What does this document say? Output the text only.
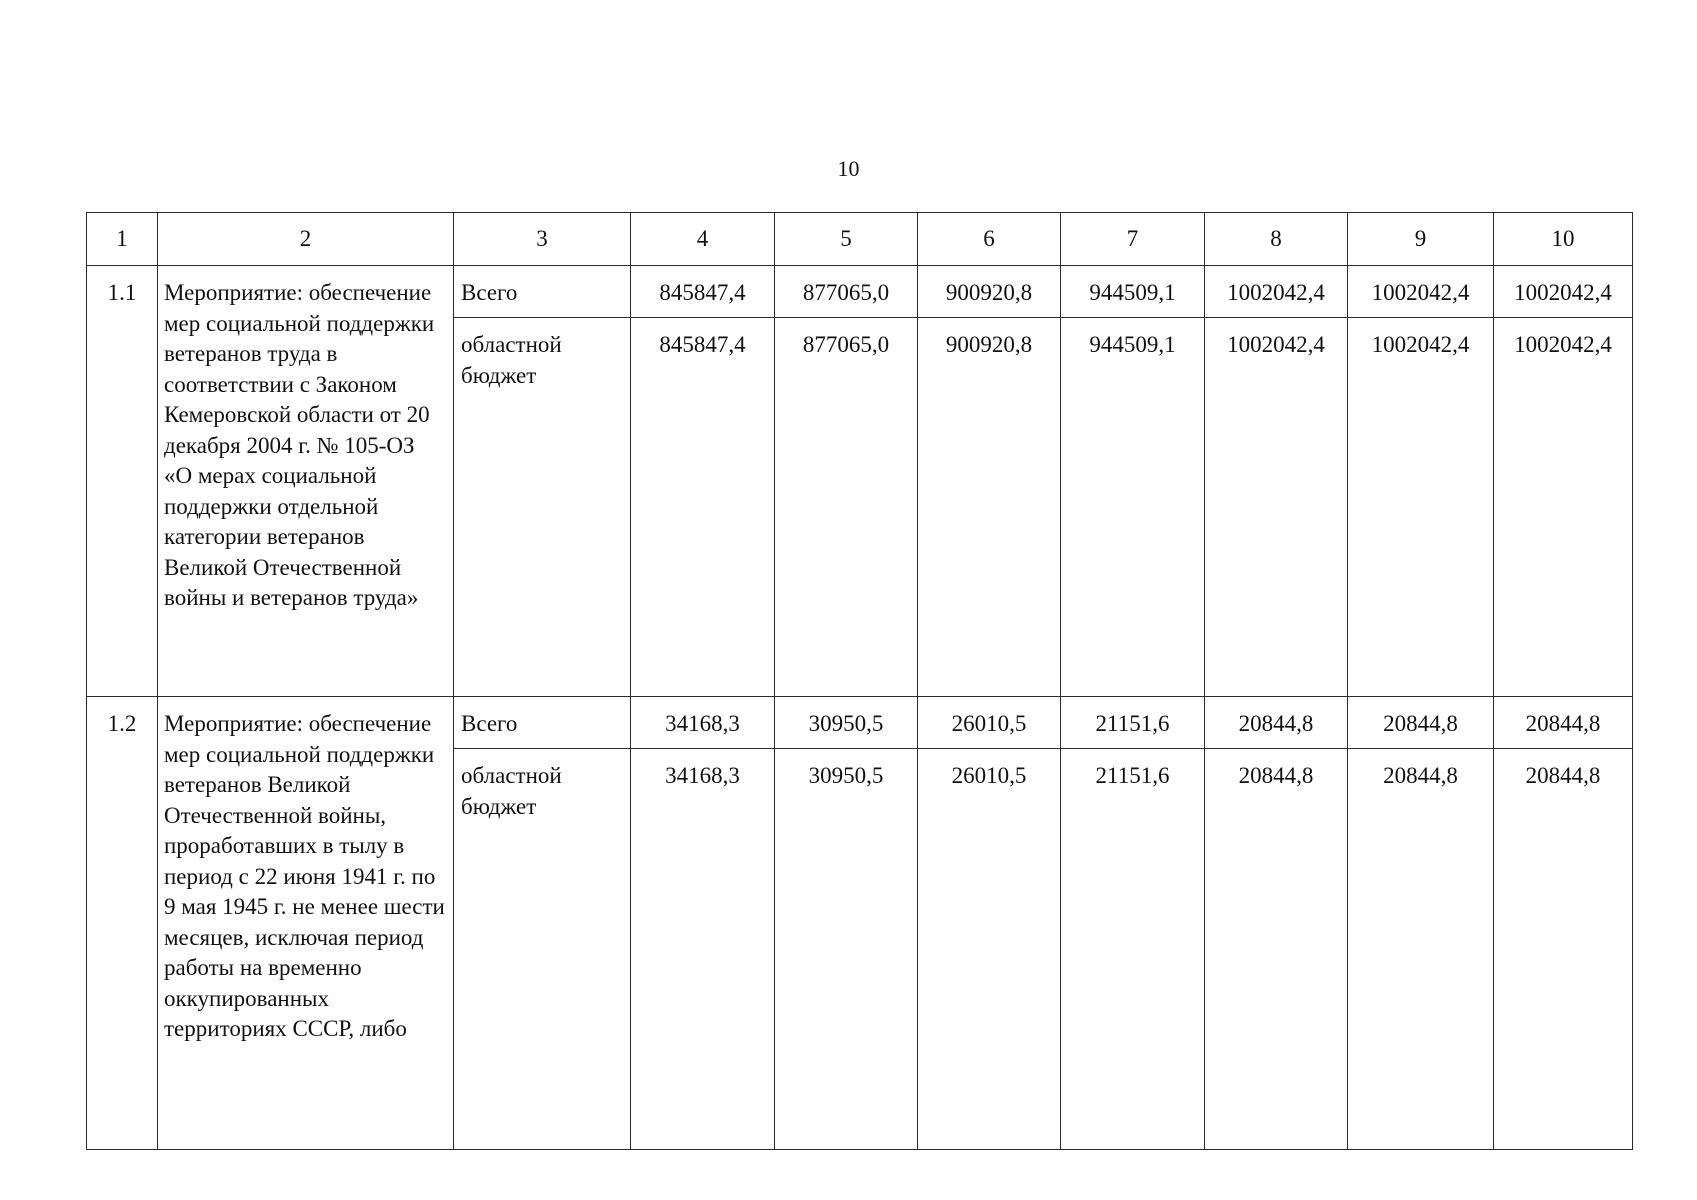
10
1	2	3	4	5	6	7	8	9	10
1.1	Мероприятие: обеспечение мер социальной поддержки ветеранов труда в соответствии с Законом Кемеровской области от 20 декабря 2004 г. № 105-ОЗ «О мерах социальной поддержки отдельной категории ветеранов Великой Отечественной войны и ветеранов труда»	Всего	845847,4	877065,0	900920,8	944509,1	1002042,4	1002042,4	1002042,4
		областной бюджет	845847,4	877065,0	900920,8	944509,1	1002042,4	1002042,4	1002042,4
1.2	Мероприятие: обеспечение мер социальной поддержки ветеранов Великой Отечественной войны, проработавших в тылу в период с 22 июня 1941 г. по 9 мая 1945 г. не менее шести месяцев, исключая период работы на временно оккупированных территориях СССР, либо	Всего	34168,3	30950,5	26010,5	21151,6	20844,8	20844,8	20844,8
		областной бюджет	34168,3	30950,5	26010,5	21151,6	20844,8	20844,8	20844,8
